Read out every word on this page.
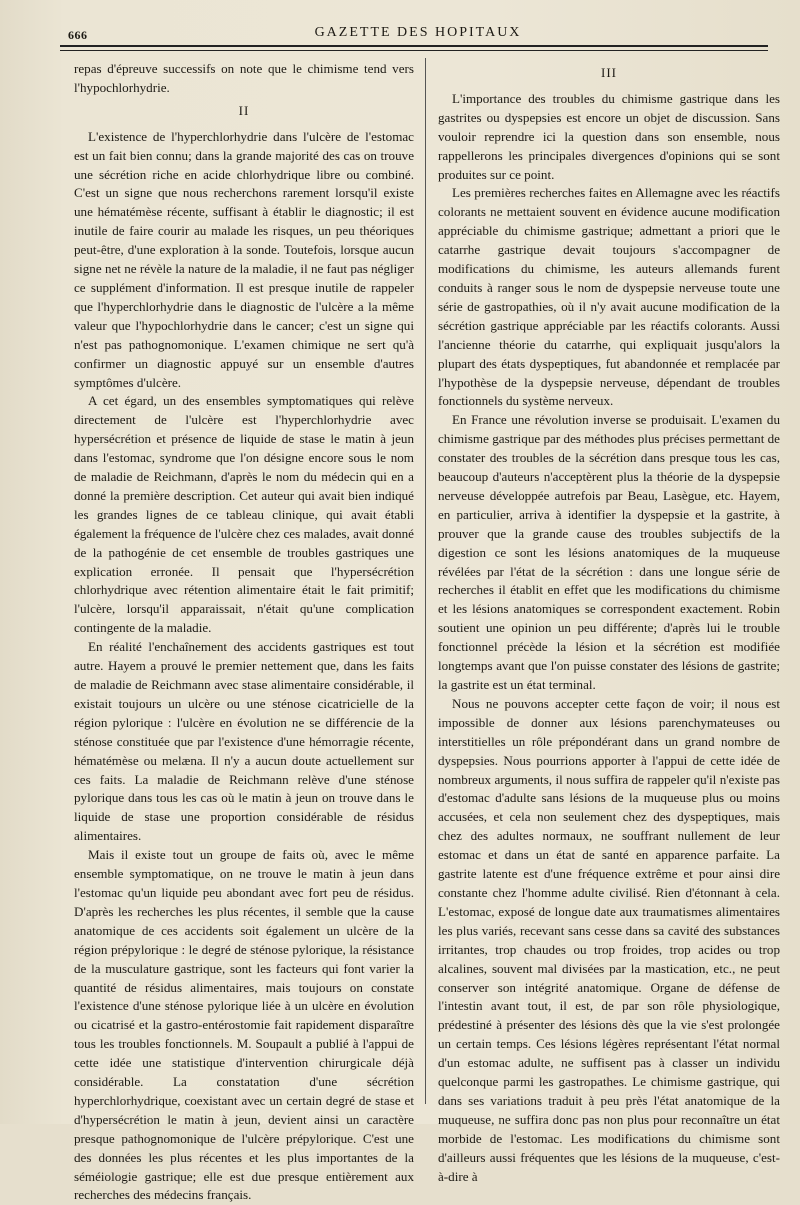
666	GAZETTE DES HOPITAUX

repas d'épreuve successifs on note que le chimisme tend vers l'hypochlorhydrie.

II

L'existence de l'hyperchlorhydrie dans l'ulcère de l'estomac est un fait bien connu; dans la grande majorité des cas on trouve une sécrétion riche en acide chlorhydrique libre ou combiné. C'est un signe que nous recherchons rarement lorsqu'il existe une hématémèse récente, suffisant à établir le diagnostic; il est inutile de faire courir au malade les risques, un peu théoriques peut-être, d'une exploration à la sonde. Toutefois, lorsque aucun signe net ne révèle la nature de la maladie, il ne faut pas négliger ce supplément d'information. Il est presque inutile de rappeler que l'hyperchlorhydrie dans le diagnostic de l'ulcère a la même valeur que l'hypochlorhydrie dans le cancer; c'est un signe qui n'est pas pathognomonique. L'examen chimique ne sert qu'à confirmer un diagnostic appuyé sur un ensemble d'autres symptômes d'ulcère.

A cet égard, un des ensembles symptomatiques qui relève directement de l'ulcère est l'hyperchlorhydrie avec hypersécrétion et présence de liquide de stase le matin à jeun dans l'estomac, syndrome que l'on désigne encore sous le nom de maladie de Reichmann, d'après le nom du médecin qui en a donné la première description. Cet auteur qui avait bien indiqué les grandes lignes de ce tableau clinique, qui avait établi également la fréquence de l'ulcère chez ces malades, avait donné de la pathogénie de cet ensemble de troubles gastriques une explication erronée. Il pensait que l'hypersécrétion chlorhydrique avec rétention alimentaire était le fait primitif; l'ulcère, lorsqu'il apparaissait, n'était qu'une complication contingente de la maladie.

En réalité l'enchaînement des accidents gastriques est tout autre. Hayem a prouvé le premier nettement que, dans les faits de maladie de Reichmann avec stase alimentaire considérable, il existait toujours un ulcère ou une sténose cicatricielle de la région pylorique : l'ulcère en évolution ne se différencie de la sténose constituée que par l'existence d'une hémorragie récente, hématémèse ou melæna. Il n'y a aucun doute actuellement sur ces faits. La maladie de Reichmann relève d'une sténose pylorique dans tous les cas où le matin à jeun on trouve dans le liquide de stase une proportion considérable de résidus alimentaires.

Mais il existe tout un groupe de faits où, avec le même ensemble symptomatique, on ne trouve le matin à jeun dans l'estomac qu'un liquide peu abondant avec fort peu de résidus. D'après les recherches les plus récentes, il semble que la cause anatomique de ces accidents soit également un ulcère de la région prépylorique : le degré de sténose pylorique, la résistance de la musculature gastrique, sont les facteurs qui font varier la quantité de résidus alimentaires, mais toujours on constate l'existence d'une sténose pylorique liée à un ulcère en évolution ou cicatrisé et la gastro-entérostomie fait rapidement disparaître tous les troubles fonctionnels. M. Soupault a publié à l'appui de cette idée une statistique d'intervention chirurgicale déjà considérable. La constatation d'une sécrétion hyperchlorhydrique, coexistant avec un certain degré de stase et d'hypersécrétion le matin à jeun, devient ainsi un caractère presque pathognomonique de l'ulcère prépylorique. C'est une des données les plus récentes et les plus importantes de la séméiologie gastrique; elle est due presque entièrement aux recherches des médecins français.

III

L'importance des troubles du chimisme gastrique dans les gastrites ou dyspepsies est encore un objet de discussion. Sans vouloir reprendre ici la question dans son ensemble, nous rappellerons les principales divergences d'opinions qui se sont produites sur ce point.

Les premières recherches faites en Allemagne avec les réactifs colorants ne mettaient souvent en évidence aucune modification appréciable du chimisme gastrique; admettant a priori que le catarrhe gastrique devait toujours s'accompagner de modifications du chimisme, les auteurs allemands furent conduits à ranger sous le nom de dyspepsie nerveuse toute une série de gastropathies, où il n'y avait aucune modification de la sécrétion gastrique appréciable par les réactifs colorants. Aussi l'ancienne théorie du catarrhe, qui expliquait jusqu'alors la plupart des états dyspeptiques, fut abandonnée et remplacée par l'hypothèse de la dyspepsie nerveuse, dépendant de troubles fonctionnels du système nerveux.

En France une révolution inverse se produisait. L'examen du chimisme gastrique par des méthodes plus précises permettant de constater des troubles de la sécrétion dans presque tous les cas, beaucoup d'auteurs n'acceptèrent plus la théorie de la dyspepsie nerveuse développée autrefois par Beau, Lasègue, etc. Hayem, en particulier, arriva à identifier la dyspepsie et la gastrite, à prouver que la grande cause des troubles subjectifs de la digestion ce sont les lésions anatomiques de la muqueuse révélées par l'état de la sécrétion : dans une longue série de recherches il établit en effet que les modifications du chimisme et les lésions anatomiques se correspondent exactement. Robin soutient une opinion un peu différente; d'après lui le trouble fonctionnel précède la lésion et la sécrétion est modifiée longtemps avant que l'on puisse constater des lésions de gastrite; la gastrite est un état terminal.

Nous ne pouvons accepter cette façon de voir; il nous est impossible de donner aux lésions parenchymateuses ou interstitielles un rôle prépondérant dans un grand nombre de dyspepsies. Nous pourrions apporter à l'appui de cette idée de nombreux arguments, il nous suffira de rappeler qu'il n'existe pas d'estomac d'adulte sans lésions de la muqueuse plus ou moins accusées, et cela non seulement chez des dyspeptiques, mais chez des adultes normaux, ne souffrant nullement de leur estomac et dans un état de santé en apparence parfaite. La gastrite latente est d'une fréquence extrême et pour ainsi dire constante chez l'homme adulte civilisé. Rien d'étonnant à cela. L'estomac, exposé de longue date aux traumatismes alimentaires les plus variés, recevant sans cesse dans sa cavité des substances irritantes, trop chaudes ou trop froides, trop acides ou trop alcalines, souvent mal divisées par la mastication, etc., ne peut conserver son intégrité anatomique. Organe de défense de l'intestin avant tout, il est, de par son rôle physiologique, prédestiné à présenter des lésions dès que la vie s'est prolongée un certain temps. Ces lésions légères représentant l'état normal d'un estomac adulte, ne suffisent pas à classer un individu quelconque parmi les gastropathes. Le chimisme gastrique, qui dans ses variations traduit à peu près l'état anatomique de la muqueuse, ne suffira donc pas non plus pour reconnaître un état morbide de l'estomac. Les modifications du chimisme sont d'ailleurs aussi fréquentes que les lésions de la muqueuse, c'est-à-dire à
